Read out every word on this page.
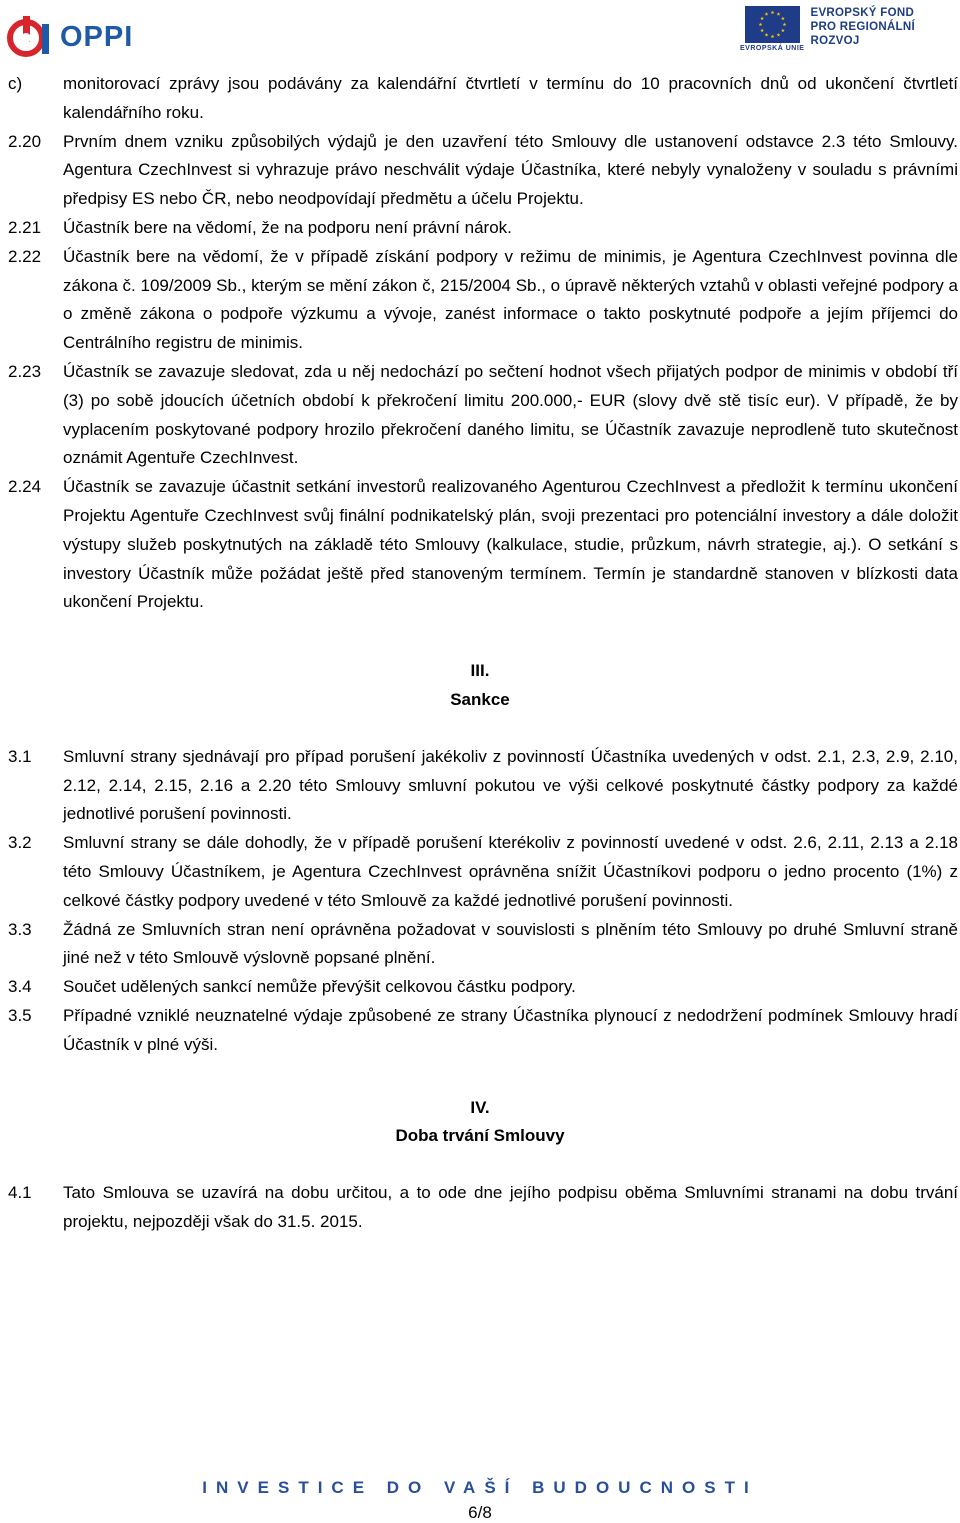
OPPI	EVROPSKÁ UNIE
EVROPSKÝ FOND
PRO REGIONÁLNÍ
ROZVOJ
c) monitorovací zprávy jsou podávány za kalendářní čtvrtletí v termínu do 10 pracovních dnů od ukončení čtvrtletí kalendářního roku.
2.20 Prvním dnem vzniku způsobilých výdajů je den uzavření této Smlouvy dle ustanovení odstavce 2.3 této Smlouvy. Agentura CzechInvest si vyhrazuje právo neschválit výdaje Účastníka, které nebyly vynaloženy v souladu s právními předpisy ES nebo ČR, nebo neodpovídají předmětu a účelu Projektu.
2.21 Účastník bere na vědomí, že na podporu není právní nárok.
2.22 Účastník bere na vědomí, že v případě získání podpory v režimu de minimis, je Agentura CzechInvest povinna dle zákona č. 109/2009 Sb., kterým se mění zákon č, 215/2004 Sb., o úpravě některých vztahů v oblasti veřejné podpory a o změně zákona o podpoře výzkumu a vývoje, zanést informace o takto poskytnuté podpoře a jejím příjemci do Centrálního registru de minimis.
2.23 Účastník se zavazuje sledovat, zda u něj nedochází po sečtení hodnot všech přijatých podpor de minimis v období tří (3) po sobě jdoucích účetních období k překročení limitu 200.000,- EUR (slovy dvě stě tisíc eur). V případě, že by vyplacením poskytované podpory hrozilo překročení daného limitu, se Účastník zavazuje neprodleně tuto skutečnost oznámit Agentuře CzechInvest.
2.24 Účastník se zavazuje účastnit setkání investorů realizovaného Agenturou CzechInvest a předložit k termínu ukončení Projektu Agentuře CzechInvest svůj finální podnikatelský plán, svoji prezentaci pro potenciální investory a dále doložit výstupy služeb poskytnutých na základě této Smlouvy (kalkulace, studie, průzkum, návrh strategie, aj.). O setkání s investory Účastník může požádat ještě před stanoveným termínem. Termín je standardně stanoven v blízkosti data ukončení Projektu.
III.
Sankce
3.1 Smluvní strany sjednávají pro případ porušení jakékoliv z povinností Účastníka uvedených v odst. 2.1, 2.3, 2.9, 2.10, 2.12, 2.14, 2.15, 2.16 a 2.20 této Smlouvy smluvní pokutou ve výši celkové poskytnuté částky podpory za každé jednotlivé porušení povinnosti.
3.2 Smluvní strany se dále dohodly, že v případě porušení kterékoliv z povinností uvedené v odst. 2.6, 2.11, 2.13 a 2.18 této Smlouvy Účastníkem, je Agentura CzechInvest oprávněna snížit Účastníkovi podporu o jedno procento (1%) z celkové částky podpory uvedené v této Smlouvě za každé jednotlivé porušení povinnosti.
3.3 Žádná ze Smluvních stran není oprávněna požadovat v souvislosti s plněním této Smlouvy po druhé Smluvní straně jiné než v této Smlouvě výslovně popsané plnění.
3.4 Součet udělených sankcí nemůže převýšit celkovou částku podpory.
3.5 Případné vzniklé neuznatelné výdaje způsobené ze strany Účastníka plynoucí z nedodržení podmínek Smlouvy hradí Účastník v plné výši.
IV.
Doba trvání Smlouvy
4.1 Tato Smlouva se uzavírá na dobu určitou, a to ode dne jejího podpisu oběma Smluvními stranami na dobu trvání projektu, nejpozději však do 31.5. 2015.
INVESTICE DO VAŠÍ BUDOUCNOSTI
6/8
